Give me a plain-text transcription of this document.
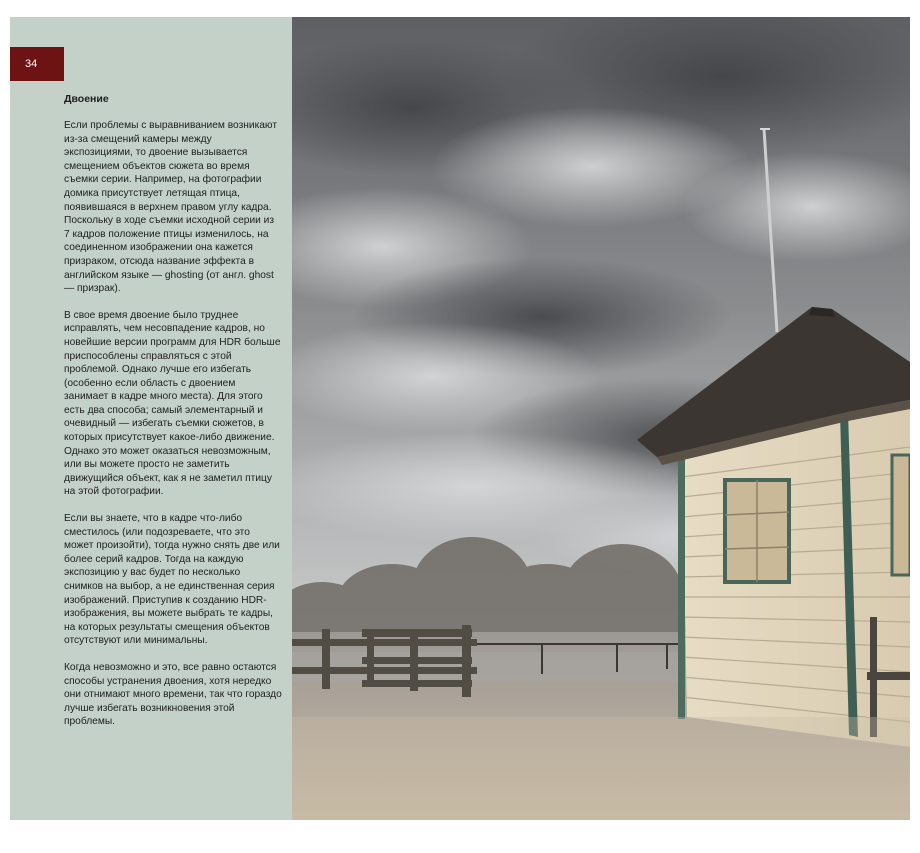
34
Двоение

Если проблемы с выравниванием возникают из-за смещений камеры между экспозициями, то двоение вызывается смещением объектов сюжета во время съемки серии. Например, на фотографии домика присутствует летящая птица, появившаяся в верхнем правом углу кадра. Поскольку в ходе съемки исходной серии из 7 кадров положение птицы изменилось, на соединенном изображении она кажется призраком, отсюда название эффекта в английском языке — ghosting (от англ. ghost — призрак).

В свое время двоение было труднее исправлять, чем несовпадение кадров, но новейшие версии программ для HDR больше приспособлены справляться с этой проблемой. Однако лучше его избегать (особенно если область с двоением занимает в кадре много места). Для этого есть два способа; самый элементарный и очевидный — избегать съемки сюжетов, в которых присутствует какое-либо движение. Однако это может оказаться невозможным, или вы можете просто не заметить движущийся объект, как я не заметил птицу на этой фотографии.

Если вы знаете, что в кадре что-либо сместилось (или подозреваете, что это может произойти), тогда нужно снять две или более серий кадров. Тогда на каждую экспозицию у вас будет по несколько снимков на выбор, а не единственная серия изображений. Приступив к созданию HDR-изображения, вы можете выбрать те кадры, на которых результаты смещения объектов отсутствуют или минимальны.

Когда невозможно и это, все равно остаются способы устранения двоения, хотя нередко они отнимают много времени, так что гораздо лучше избегать возникновения этой проблемы.
